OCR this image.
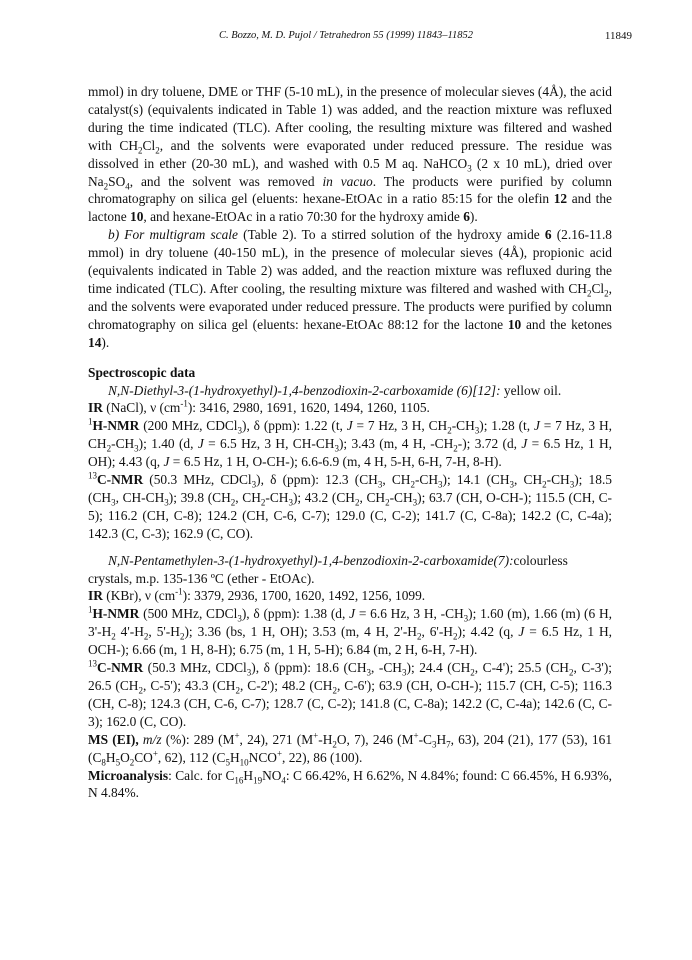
C. Bozzo, M. D. Pujol / Tetrahedron 55 (1999) 11843–11852	11849

mmol) in dry toluene, DME or THF (5-10 mL), in the presence of molecular sieves (4Å), the acid catalyst(s) (equivalents indicated in Table 1) was added, and the reaction mixture was refluxed during the time indicated (TLC). After cooling, the resulting mixture was filtered and washed with $CH_2Cl_2$, and the solvents were evaporated under reduced pressure. The residue was dissolved in ether (20-30 mL), and washed with 0.5 M aq. NaHCO$_3$ (2 x 10 mL), dried over $Na_2SO_4$, and the solvent was removed in vacuo. The products were purified by column chromatography on silica gel (eluents: hexane-EtOAc in a ratio 85:15 for the olefin 12 and the lactone 10, and hexane-EtOAc in a ratio 70:30 for the hydroxy amide 6).

b) For multigram scale (Table 2). To a stirred solution of the hydroxy amide 6 (2.16-11.8 mmol) in dry toluene (40-150 mL), in the presence of molecular sieves (4Å), propionic acid (equivalents indicated in Table 2) was added, and the reaction mixture was refluxed during the time indicated (TLC). After cooling, the resulting mixture was filtered and washed with $CH_2Cl_2$, and the solvents were evaporated under reduced pressure. The products were purified by column chromatography on silica gel (eluents: hexane-EtOAc 88:12 for the lactone 10 and the ketones 14).

Spectroscopic data

N,N-Diethyl-3-(1-hydroxyethyl)-1,4-benzodioxin-2-carboxamide (6)[12]: yellow oil.

IR (NaCl), ν $(cm^{-1})$: 3416, 2980, 1691, 1620, 1494, 1260, 1105.

$^1$H-NMR (200 MHz, CDCl$_3$), δ (ppm): 1.22 (t, J = 7 Hz, 3 H, $CH_2-CH_3$); 1.28 (t, J = 7 Hz, 3 H, $CH_2-CH_3$); 1.40 (d, J = 6.5 Hz, 3 H, $CH-CH_3$); 3.43 (m, 4 H, $-CH_2-$); 3.72 (d, J = 6.5 Hz, 1 H, OH); 4.43 (q, J = 6.5 Hz, 1 H, O-CH-); 6.6-6.9 (m, 4 H, 5-H, 6-H, 7-H, 8-H).

$^{13}$C-NMR (50.3 MHz, CDCl$_3$), δ (ppm): 12.3 ($CH_3$, $CH_2-CH_3$); 14.1 ($CH_3$, $CH_2-CH_3$); 18.5 ($CH_3$, $CH-CH_3$); 39.8 ($CH_2$, $CH_2-CH_3$); 43.2 ($CH_2$, $CH_2-CH_3$); 63.7 (CH, O-CH-); 115.5 (CH, C-5); 116.2 (CH, C-8); 124.2 (CH, C-6, C-7); 129.0 (C, C-2); 141.7 (C, C-8a); 142.2 (C, C-4a); 142.3 (C, C-3); 162.9 (C, CO).

N,N-Pentamethylen-3-(1-hydroxyethyl)-1,4-benzodioxin-2-carboxamide(7):colourless crystals, m.p. 135-136 ºC (ether - EtOAc).

IR (KBr), ν $(cm^{-1})$: 3379, 2936, 1700, 1620, 1492, 1256, 1099.

$^1$H-NMR (500 MHz, CDCl$_3$), δ (ppm): 1.38 (d, J = 6.6 Hz, 3 H, $-CH_3$); 1.60 (m), 1.66 (m) (6 H, $3'-H_2$ $4'-H_2$, $5'-H_2$); 3.36 (bs, 1 H, OH); 3.53 (m, 4 H, $2'-H_2$, $6'-H_2$); 4.42 (q, J = 6.5 Hz, 1 H, OCH-); 6.66 (m, 1 H, 8-H); 6.75 (m, 1 H, 5-H); 6.84 (m, 2 H, 6-H, 7-H).

$^{13}$C-NMR (50.3 MHz, CDCl$_3$), δ (ppm): 18.6 ($CH_3$, $-CH_3$); 24.4 ($CH_2$, C-4'); 25.5 ($CH_2$, C-3'); 26.5 ($CH_2$, C-5'); 43.3 ($CH_2$, C-2'); 48.2 ($CH_2$, C-6'); 63.9 (CH, O-CH-); 115.7 (CH, C-5); 116.3 (CH, C-8); 124.3 (CH, C-6, C-7); 128.7 (C, C-2); 141.8 (C, C-8a); 142.2 (C, C-4a); 142.6 (C, C-3); 162.0 (C, CO).

MS (EI), m/z (%): 289 (M+, 24), 271 ($M^+-H_2O$, 7), 246 ($M^+-C_3H_7$, 63), 204 (21), 177 (53), 161 ($C_8H_5O_2CO^+$, 62), 112 ($C_5H_{10}NCO^+$, 22), 86 (100).

Microanalysis: Calc. for $C_{16}H_{19}NO_4$: C 66.42%, H 6.62%, N 4.84%; found: C 66.45%, H 6.93%, N 4.84%.
